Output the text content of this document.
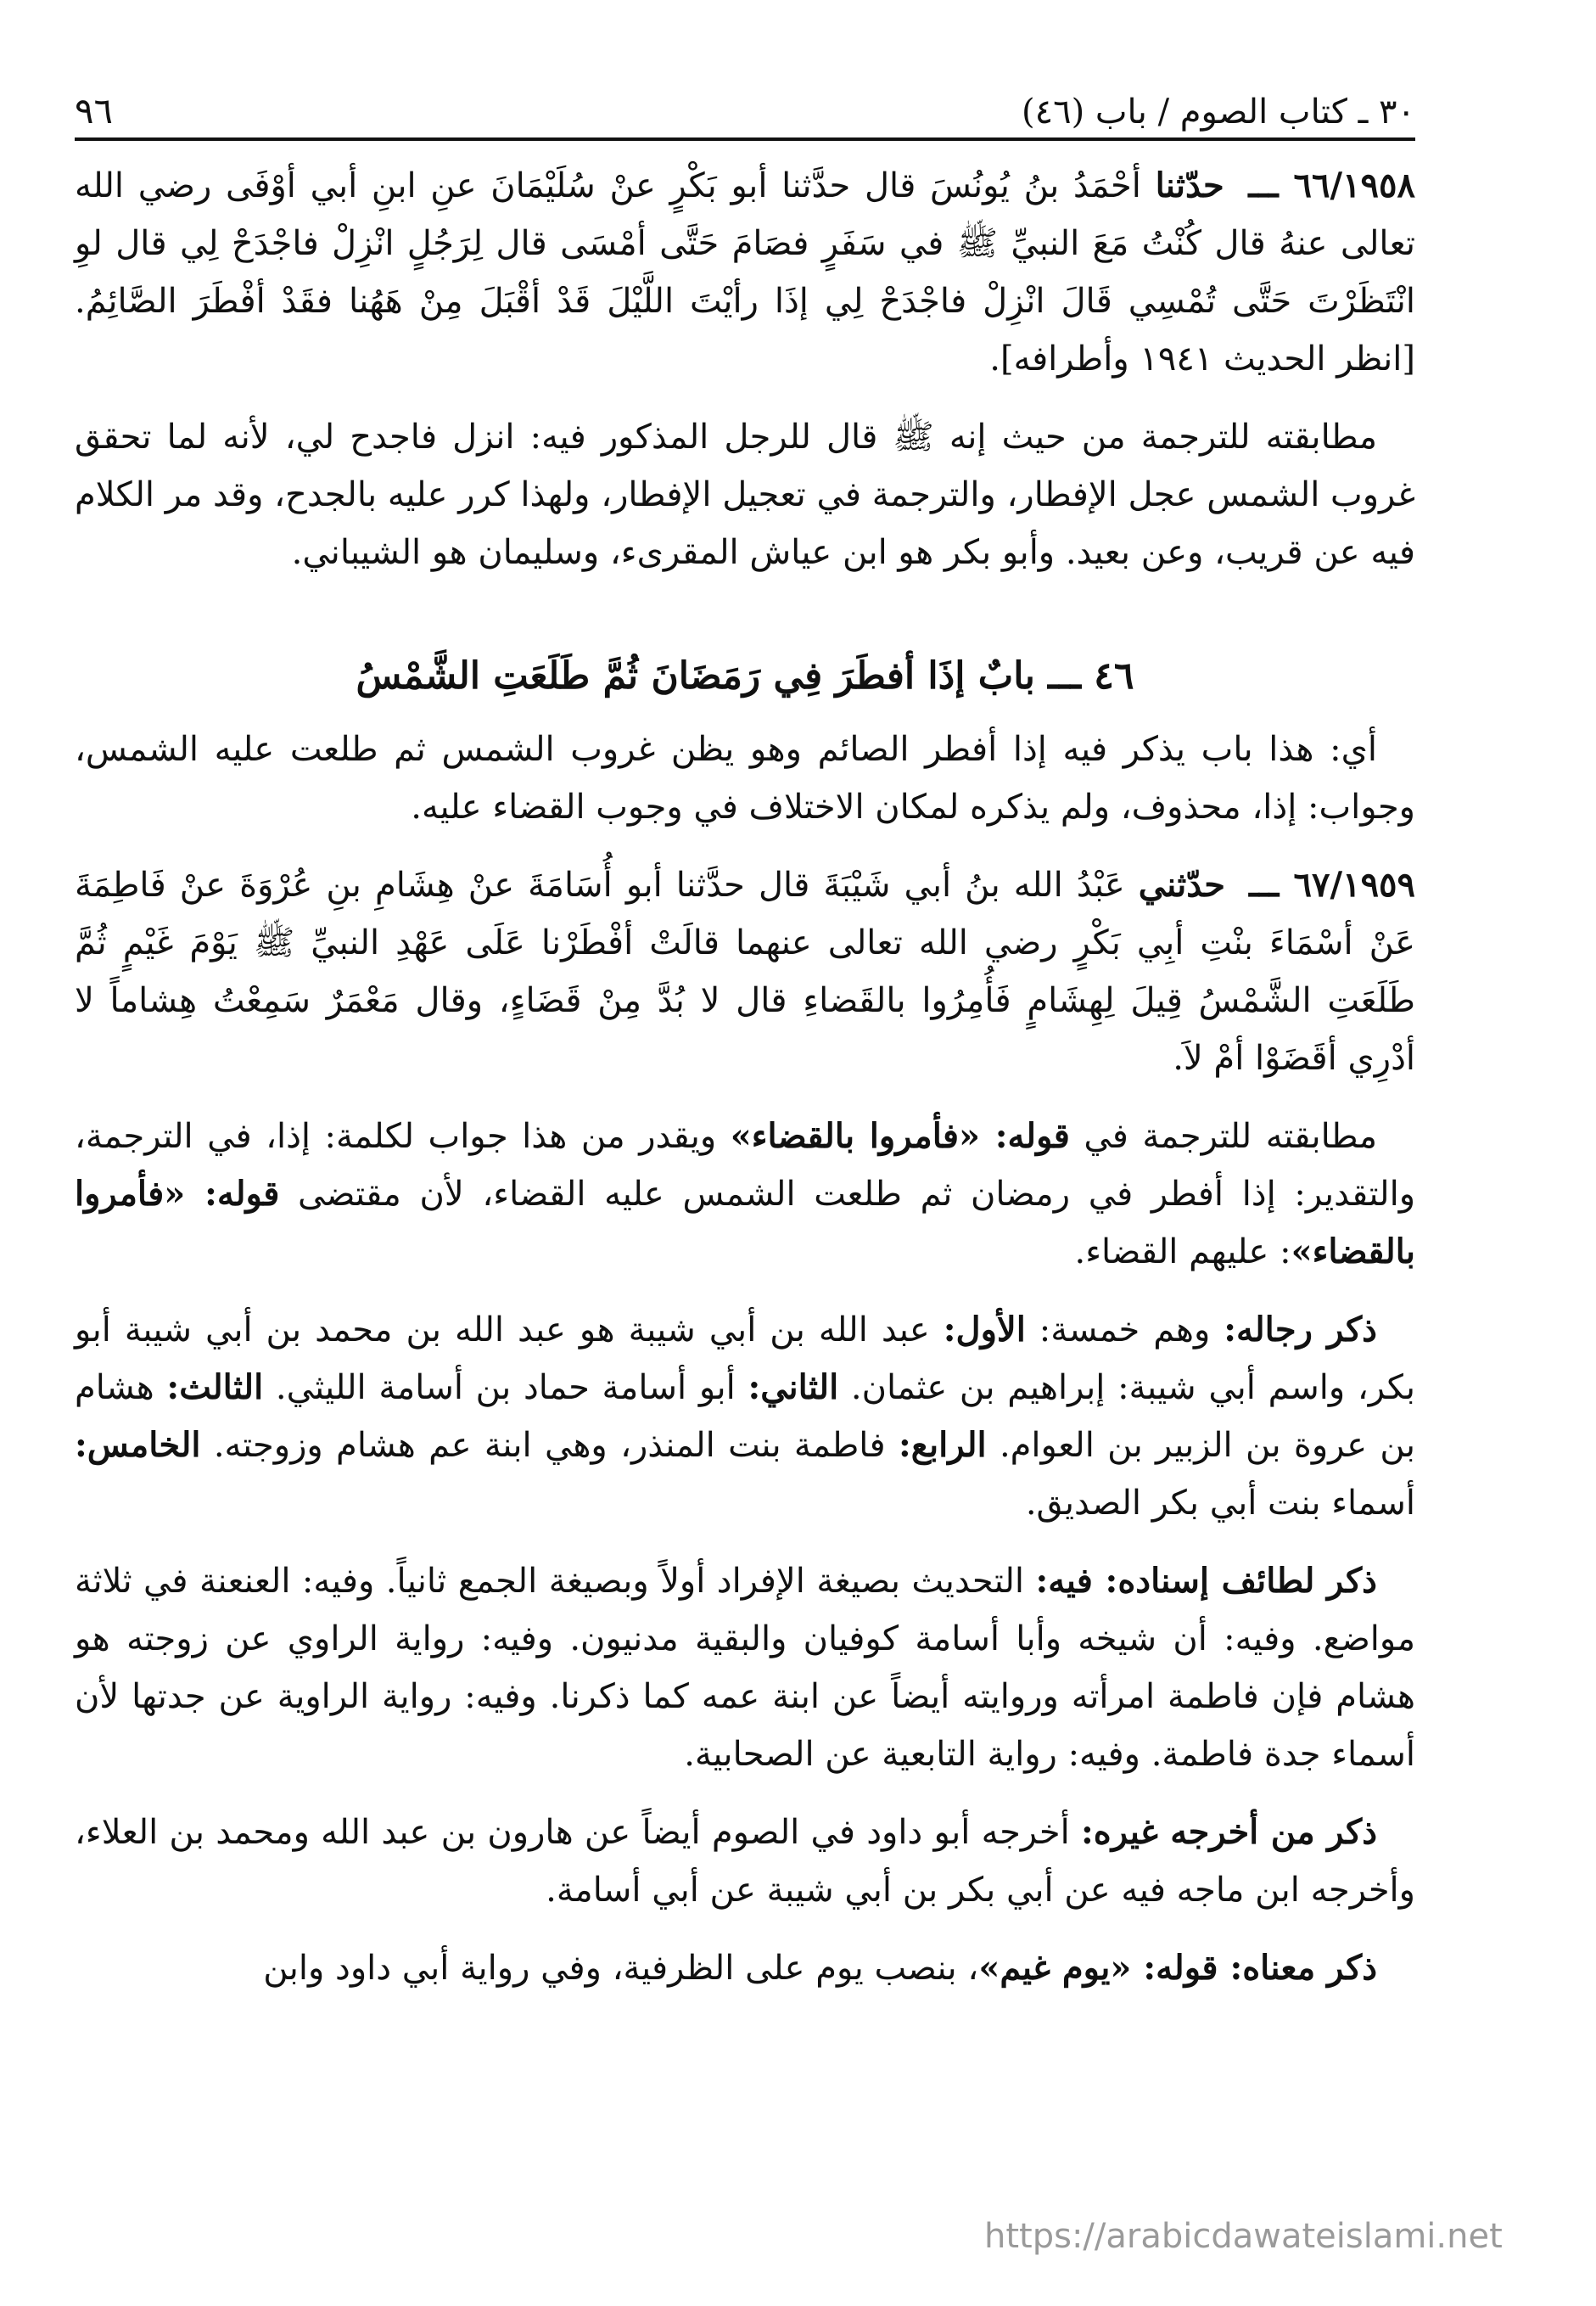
٩٦	٣٠ ـ كتاب الصوم / باب (٤٦)

٦٦/١٩٥٨ ـــ حدّثنا أحْمَدُ بنُ يُونُسَ قال حدَّثنا أبو بَكْرٍ عنْ سُلَيْمَانَ عنِ ابنِ أبي أوْفَى رضي الله تعالى عنهُ قال كُنْتُ مَعَ النبيِّ ﷺ في سَفَرٍ فصَامَ حَتَّى أمْسَى قال لِرَجُلٍ انْزِلْ فاجْدَحْ لِي قال لوِ انْتَظَرْتَ حَتَّى تُمْسِي قَالَ انْزِلْ فاجْدَحْ لِي إذَا رأيْتَ اللَّيْلَ قَدْ أقْبَلَ مِنْ هَهُنا فقَدْ أفْطَرَ الصَّائِمُ. [انظر الحديث ١٩٤١ وأطرافه].

مطابقته للترجمة من حيث إنه ﷺ قال للرجل المذكور فيه: انزل فاجدح لي، لأنه لما تحقق غروب الشمس عجل الإفطار، والترجمة في تعجيل الإفطار، ولهذا كرر عليه بالجدح، وقد مر الكلام فيه عن قريب، وعن بعيد. وأبو بكر هو ابن عياش المقرىء، وسليمان هو الشيباني.

٤٦ ـــ بابٌ إذَا أفطَرَ فِي رَمَضَانَ ثُمَّ طَلَعَتِ الشَّمْسُ

أي: هذا باب يذكر فيه إذا أفطر الصائم وهو يظن غروب الشمس ثم طلعت عليه الشمس، وجواب: إذا، محذوف، ولم يذكره لمكان الاختلاف في وجوب القضاء عليه.

٦٧/١٩٥٩ ـــ حدّثني عَبْدُ الله بنُ أبي شَيْبَةَ قال حدَّثنا أبو أُسَامَةَ عنْ هِشَامِ بنِ عُرْوَةَ عنْ فَاطِمَةَ عَنْ أسْمَاءَ بنْتِ أبِي بَكْرٍ رضي الله تعالى عنهما قالَتْ أفْطَرْنا عَلَى عَهْدِ النبيِّ ﷺ يَوْمَ غَيْمٍ ثُمَّ طَلَعَتِ الشَّمْسُ قِيلَ لِهِشَامٍ فَأُمِرُوا بالقَضاءِ قال لا بُدَّ مِنْ قَضَاءٍ، وقال مَعْمَرٌ سَمِعْتُ هِشاماً لا أدْرِي أقَضَوْا أمْ لاَ.

مطابقته للترجمة في قوله: «فأمروا بالقضاء» ويقدر من هذا جواب لكلمة: إذا، في الترجمة، والتقدير: إذا أفطر في رمضان ثم طلعت الشمس عليه القضاء، لأن مقتضى قوله: «فأمروا بالقضاء»: عليهم القضاء.

ذكر رجاله: وهم خمسة: الأول: عبد الله بن أبي شيبة هو عبد الله بن محمد بن أبي شيبة أبو بكر، واسم أبي شيبة: إبراهيم بن عثمان. الثاني: أبو أسامة حماد بن أسامة الليثي. الثالث: هشام بن عروة بن الزبير بن العوام. الرابع: فاطمة بنت المنذر، وهي ابنة عم هشام وزوجته. الخامس: أسماء بنت أبي بكر الصديق.

ذكر لطائف إسناده: فيه: التحديث بصيغة الإفراد أولاً وبصيغة الجمع ثانياً. وفيه: العنعنة في ثلاثة مواضع. وفيه: أن شيخه وأبا أسامة كوفيان والبقية مدنيون. وفيه: رواية الراوي عن زوجته هو هشام فإن فاطمة امرأته وروايته أيضاً عن ابنة عمه كما ذكرنا. وفيه: رواية الراوية عن جدتها لأن أسماء جدة فاطمة. وفيه: رواية التابعية عن الصحابية.

ذكر من أخرجه غيره: أخرجه أبو داود في الصوم أيضاً عن هارون بن عبد الله ومحمد بن العلاء، وأخرجه ابن ماجه فيه عن أبي بكر بن أبي شيبة عن أبي أسامة.

ذكر معناه: قوله: «يوم غيم»، بنصب يوم على الظرفية، وفي رواية أبي داود وابن

https://arabicdawateislami.net
